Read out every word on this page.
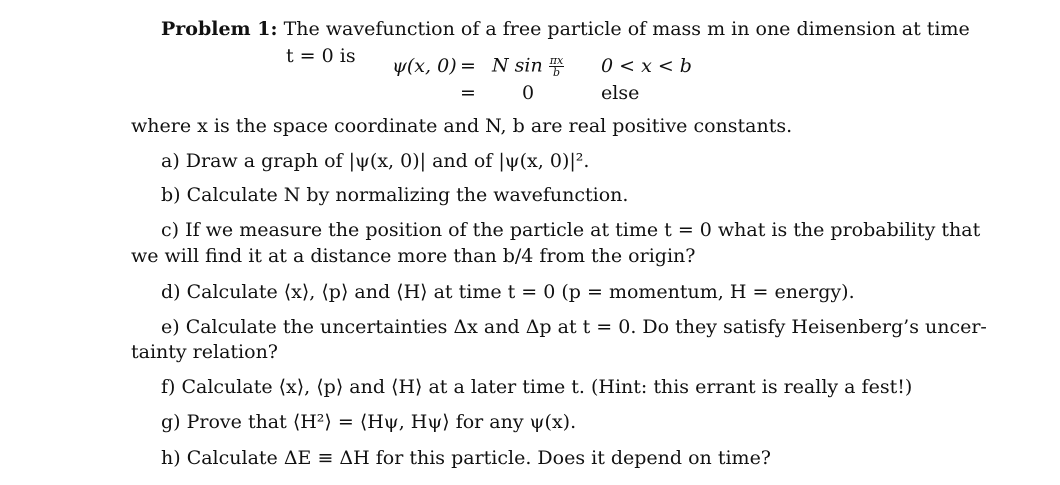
Problem 1: The wavefunction of a free particle of mass m in one dimension at time
t = 0 is ψ(x, 0) = N $\sin \frac{\pi x}{b} 0 < x < b$
= 0	else
where x is the space coordinate and N, b are real positive constants.
a) Draw a graph of |ψ(x, 0)| and of |ψ(x, 0)|².
b) Calculate N by normalizing the wavefunction.
c) If we measure the position of the particle at time t = 0 what is the probability that
we will find it at a distance more than b/4 from the origin?
d) Calculate ⟨x⟩, ⟨p⟩ and ⟨H⟩ at time t = 0 (p = momentum, H = energy).
e) Calculate the uncertainties Δx and Δp at t = 0. Do they satisfy Heisenberg’s uncer-
tainty relation?
f) Calculate ⟨x⟩, ⟨p⟩ and ⟨H⟩ at a later time t. (Hint: this errant is really a fest!)
g) Prove that ⟨H²⟩ = ⟨Hψ, Hψ⟩ for any ψ(x).
h) Calculate ΔE ≡ ΔH for this particle. Does it depend on time?
